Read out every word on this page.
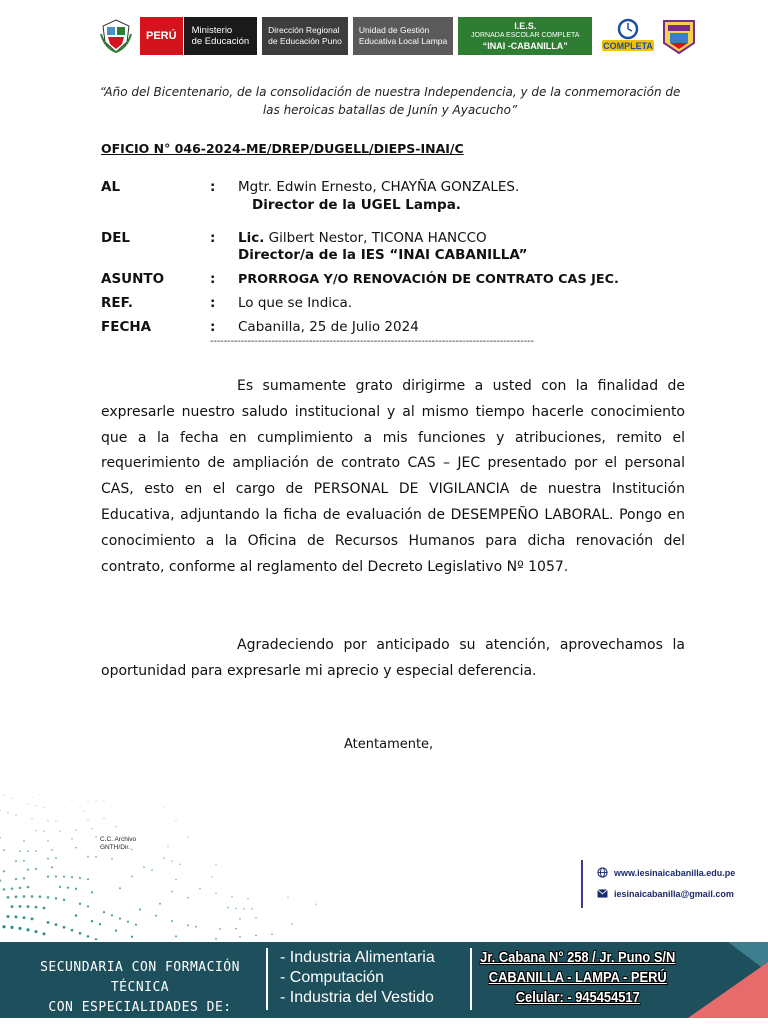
PERÚ	Ministerio
de Educación
Dirección Regional
de Educación Puno
Unidad de Gestión
Educativa Local Lampa
I.E.S.
JORNADA ESCOLAR COMPLETA
“INAI -CABANILLA”	COMPLETA
“Año del Bicentenario, de la consolidación de nuestra Independencia, y de la conmemoración de las heroicas batallas de Junín y Ayacucho”
OFICIO N° 046-2024-ME/DREP/DUGELL/DIEPS-INAI/C
AL	: Mgtr. Edwin Ernesto, CHAYÑA GONZALES.
Director de la UGEL Lampa.
DEL	: Lic. Gilbert Nestor, TICONA HANCCO
Director/a de la IES “INAI CABANILLA”
ASUNTO	: PRORROGA Y/O RENOVACIÓN DE CONTRATO CAS JEC.
REF.	: Lo que se Indica.
FECHA	: Cabanilla, 25 de Julio 2024
-----------------------------------------------------------------------------------------------
Es sumamente grato dirigirme a usted con la finalidad de expresarle nuestro saludo institucional y al mismo tiempo hacerle conocimiento que a la fecha en cumplimiento a mis funciones y atribuciones, remito el requerimiento de ampliación de contrato CAS – JEC presentado por el personal CAS, esto en el cargo de PERSONAL DE VIGILANCIA de nuestra Institución Educativa, adjuntando la ficha de evaluación de DESEMPEÑO LABORAL. Pongo en conocimiento a la Oficina de Recursos Humanos para dicha renovación del contrato, conforme al reglamento del Decreto Legislativo Nº 1057.
Agradeciendo por anticipado su atención, aprovechamos la oportunidad para expresarle mi aprecio y especial deferencia.
Atentamente,
C.C. Archivo
GNTH/Dir.
www.iesinaicabanilla.edu.pe
iesinaicabanilla@gmail.com
SECUNDARIA CON FORMACIÓN TÉCNICA
CON ESPECIALIDADES DE:
- Industria Alimentaria
- Computación
- Industria del Vestido
Jr. Cabana N° 258 / Jr. Puno S/N
CABANILLA - LAMPA - PERÚ
Celular: - 945454517
